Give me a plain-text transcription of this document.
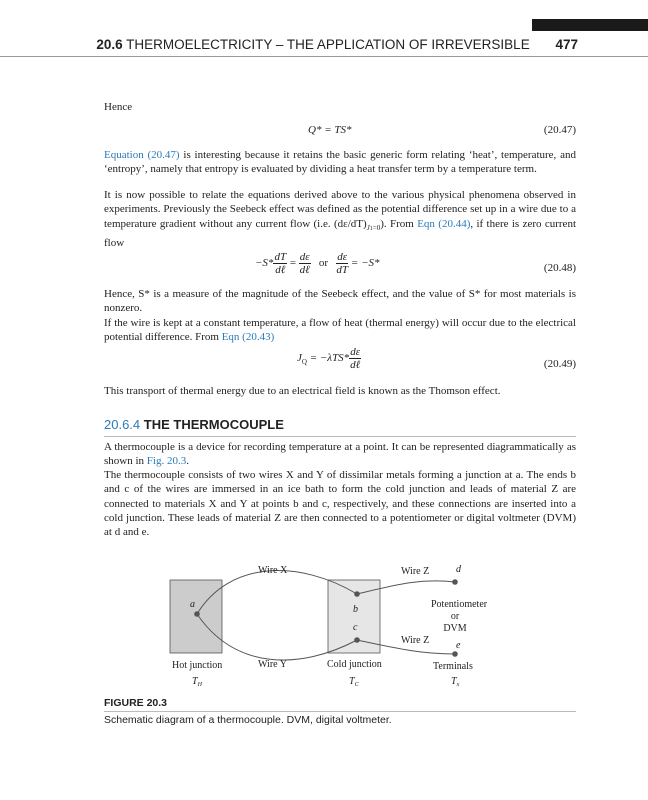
20.6 THERMOELECTRICITY – THE APPLICATION OF IRREVERSIBLE 477
Hence
Q* = TS*	(20.47)
Equation (20.47) is interesting because it retains the basic generic form relating ‘heat’, temperature, and ‘entropy’, namely that entropy is evaluated by dividing a heat transfer term by a temperature term.
It is now possible to relate the equations derived above to the various physical phenomena observed in experiments. Previously the Seebeck effect was defined as the potential difference set up in a wire due to a temperature gradient without any current flow (i.e. $(d\varepsilon/dT)_{J1=0}$). From Eqn (20.44), if there is zero current flow
$-S* \frac{dT}{\text{dℓ}} = \frac{d\varepsilon}{\text{dℓ}}$ or $\frac{d\varepsilon}{dT} = -S*$	(20.48)
Hence, S* is a measure of the magnitude of the Seebeck effect, and the value of S* for most materials is nonzero.
If the wire is kept at a constant temperature, a flow of heat (thermal energy) will occur due to the electrical potential difference. From Eqn (20.43)
$J_Q = -\lambda TS* \frac{d\varepsilon}{\text{dℓ}}$	(20.49)
This transport of thermal energy due to an electrical field is known as the Thomson effect.
20.6.4 THE THERMOCOUPLE
A thermocouple is a device for recording temperature at a point. It can be represented diagrammatically as shown in Fig. 20.3.
The thermocouple consists of two wires X and Y of dissimilar metals forming a junction at a. The ends b and c of the wires are immersed in an ice bath to form the cold junction and leads of material Z are connected to materials X and Y at points b and c, respectively, and these connections are inserted into a cold junction. These leads of material Z are then connected to a potentiometer or digital voltmeter (DVM) at d and e.
Wire X
Wire Y
Wire Z
Wire Z
a	b
c
d
e
Potentiometer
or
DVM
Hot junction
$T_H$
Cold junction
$T_C$
Terminals
$T_x$
FIGURE 20.3
Schematic diagram of a thermocouple. DVM, digital voltmeter.
